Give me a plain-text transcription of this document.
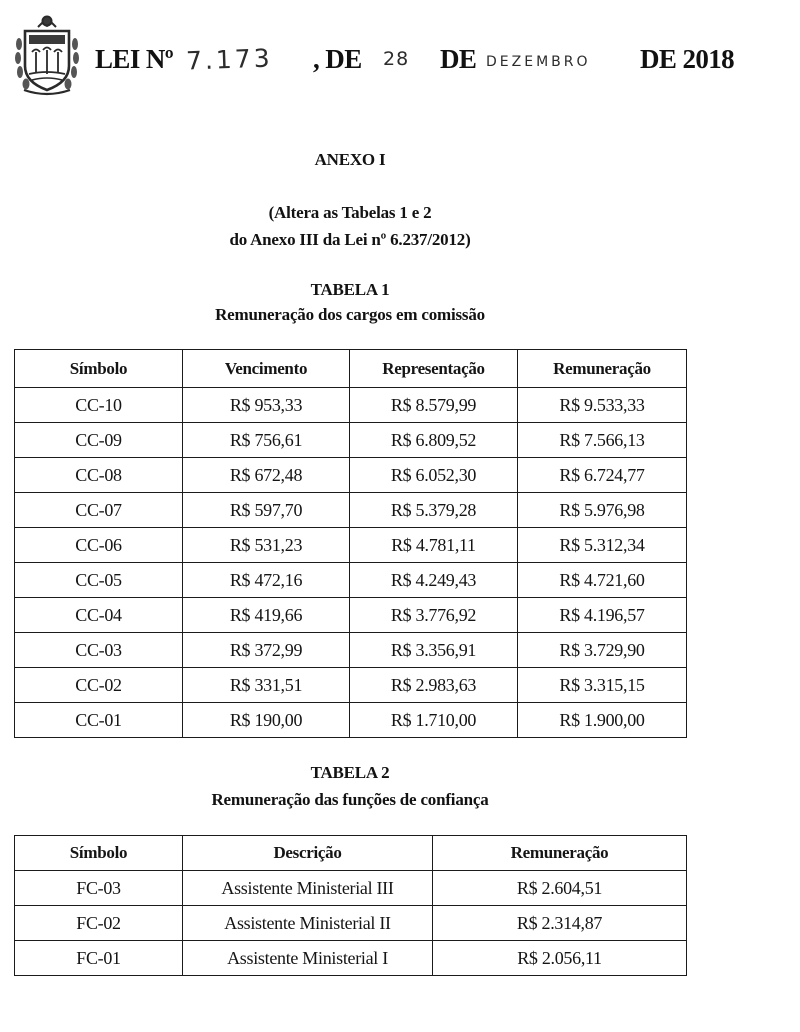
LEI Nº 7.173 , DE 28 DE DEZEMBRO DE 2018
ANEXO I
(Altera as Tabelas 1 e 2
do Anexo III da Lei nº 6.237/2012)
TABELA 1
Remuneração dos cargos em comissão
Símbolo	Vencimento	Representação	Remuneração
CC-10	R$ 953,33	R$ 8.579,99	R$ 9.533,33
CC-09	R$ 756,61	R$ 6.809,52	R$ 7.566,13
CC-08	R$ 672,48	R$ 6.052,30	R$ 6.724,77
CC-07	R$ 597,70	R$ 5.379,28	R$ 5.976,98
CC-06	R$ 531,23	R$ 4.781,11	R$ 5.312,34
CC-05	R$ 472,16	R$ 4.249,43	R$ 4.721,60
CC-04	R$ 419,66	R$ 3.776,92	R$ 4.196,57
CC-03	R$ 372,99	R$ 3.356,91	R$ 3.729,90
CC-02	R$ 331,51	R$ 2.983,63	R$ 3.315,15
CC-01	R$ 190,00	R$ 1.710,00	R$ 1.900,00
TABELA 2
Remuneração das funções de confiança
Símbolo	Descrição	Remuneração
FC-03	Assistente Ministerial III	R$ 2.604,51
FC-02	Assistente Ministerial II	R$ 2.314,87
FC-01	Assistente Ministerial I	R$ 2.056,11
